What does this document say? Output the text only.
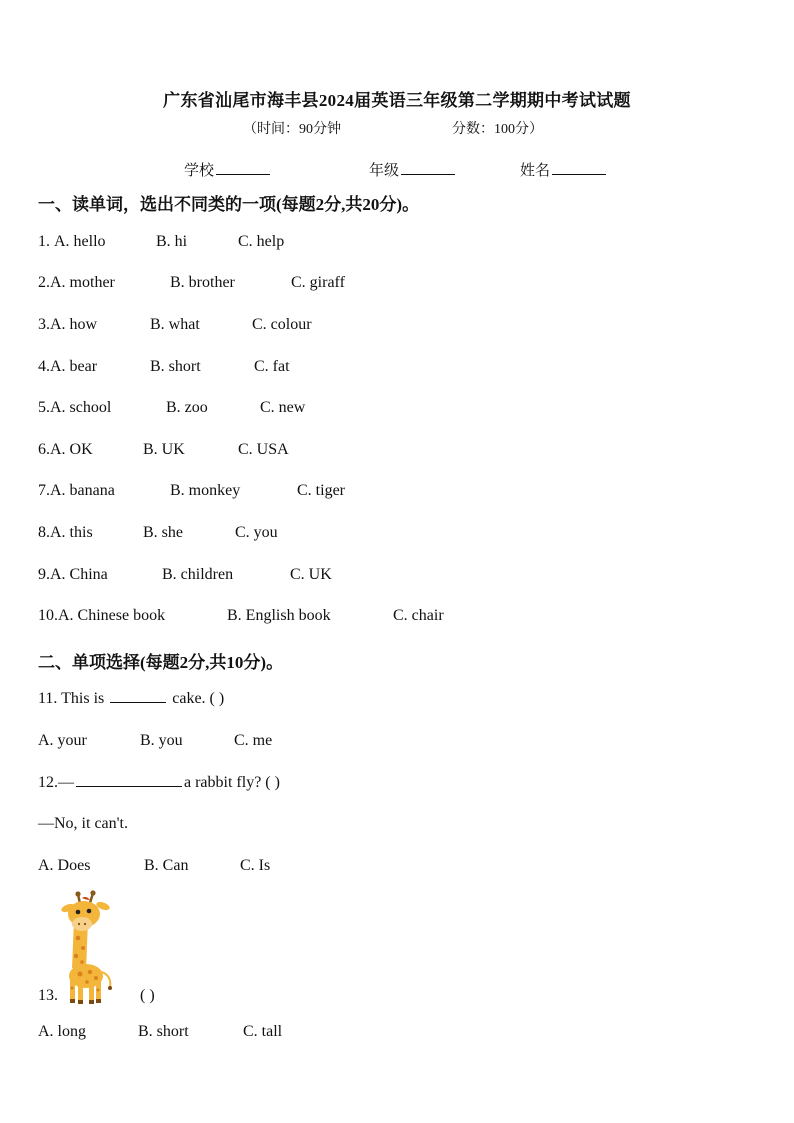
广东省汕尾市海丰县2024届英语三年级第二学期期中考试试题
（时间：90分钟	分数：100分）
学校	年级	姓名
一、读单词，选出不同类的一项(每题2分,共20分)。
1. A. hello	B. hi	C. help
2.A. mother	B. brother	C. giraff
3.A. how	B. what	C. colour
4.A. bear	B. short	C. fat
5.A. school	B. zoo	C. new
6.A. OK	B. UK	C. USA
7.A. banana	B. monkey	C. tiger
8.A. this	B. she	C. you
9.A. China	B. children	C. UK
10.A. Chinese book	B. English book	C. chair
二、单项选择(每题2分,共10分)。
11. This is	cake. ( )
A. your	B. you	C. me
12.—	a rabbit fly? ( )
—No, it can't.
A. Does	B. Can	C. Is
13.	( )
A. long	B. short	C. tall
